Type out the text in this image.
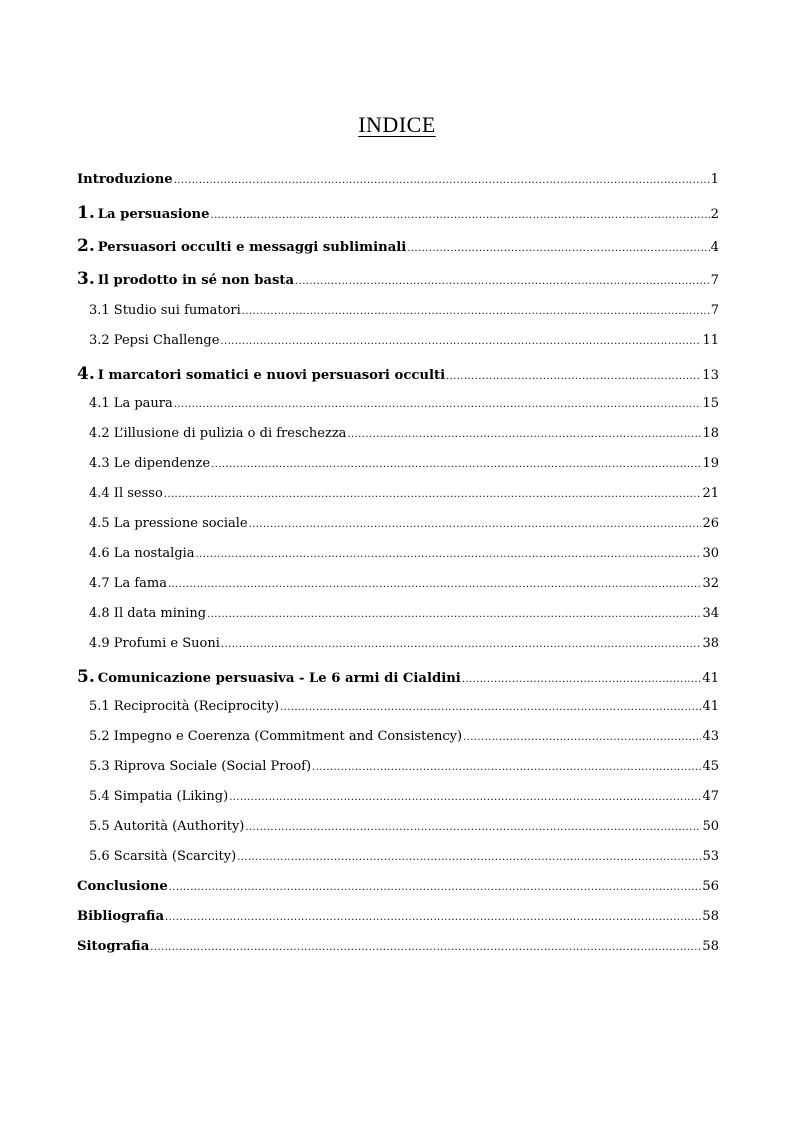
INDICE
Introduzione .....	1
1. La persuasione .....	2
2. Persuasori occulti e messaggi subliminali .....	4
3. Il prodotto in sé non basta .....	7
3.1 Studio sui fumatori .....	7
3.2 Pepsi Challenge .....	11
4. I marcatori somatici e nuovi persuasori occulti .....	13
4.1 La paura .....	15
4.2 L’illusione di pulizia o di freschezza .....	18
4.3 Le dipendenze .....	19
4.4 Il sesso .....	21
4.5 La pressione sociale .....	26
4.6 La nostalgia .....	30
4.7 La fama .....	32
4.8 Il data mining .....	34
4.9 Profumi e Suoni .....	38
5. Comunicazione persuasiva - Le 6 armi di Cialdini .....	41
5.1 Reciprocità (Reciprocity) .....	41
5.2 Impegno e Coerenza (Commitment and Consistency) .....	43
5.3 Riprova Sociale (Social Proof) .....	45
5.4 Simpatia (Liking) .....	47
5.5 Autorità (Authority) .....	50
5.6 Scarsità (Scarcity) .....	53
Conclusione .....	56
Bibliografia .....	58
Sitografia .....	58
